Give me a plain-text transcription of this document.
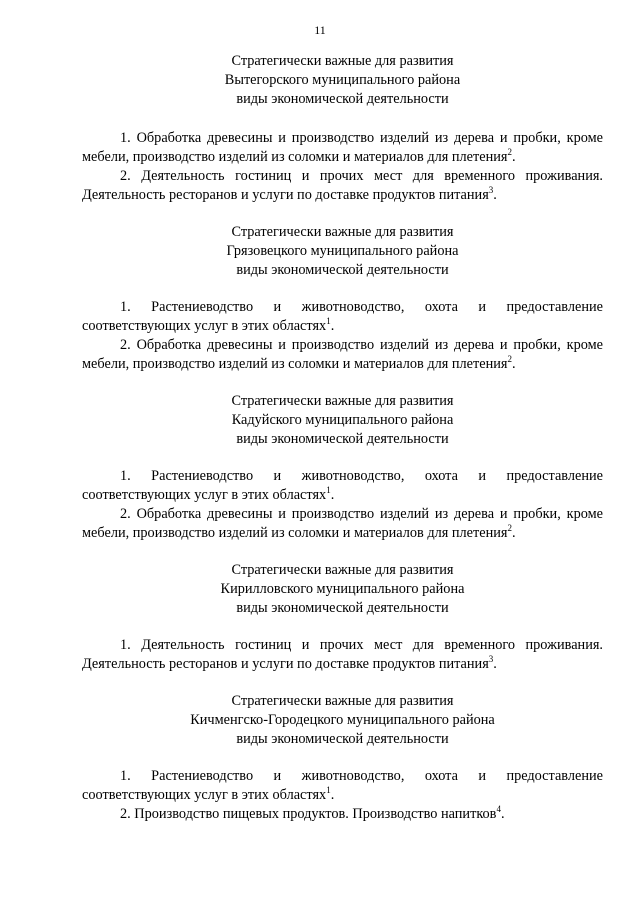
11
Стратегически важные для развития
Вытегорского муниципального района
виды экономической деятельности

1. Обработка древесины и производство изделий из дерева и пробки, кроме мебели, производство изделий из соломки и материалов для плетения$^2$.

2. Деятельность гостиниц и прочих мест для временного проживания. Деятельность ресторанов и услуги по доставке продуктов питания$^3$.

Стратегически важные для развития
Грязовецкого муниципального района
виды экономической деятельности

1. Растениеводство и животноводство, охота и предоставление соответствующих услуг в этих областях$^1$.

2. Обработка древесины и производство изделий из дерева и пробки, кроме мебели, производство изделий из соломки и материалов для плетения$^2$.

Стратегически важные для развития
Кадуйского муниципального района
виды экономической деятельности

1. Растениеводство и животноводство, охота и предоставление соответствующих услуг в этих областях$^1$.

2. Обработка древесины и производство изделий из дерева и пробки, кроме мебели, производство изделий из соломки и материалов для плетения$^2$.

Стратегически важные для развития
Кирилловского муниципального района
виды экономической деятельности

1. Деятельность гостиниц и прочих мест для временного проживания. Деятельность ресторанов и услуги по доставке продуктов питания$^3$.

Стратегически важные для развития
Кичменгско-Городецкого муниципального района
виды экономической деятельности

1. Растениеводство и животноводство, охота и предоставление соответствующих услуг в этих областях$^1$.

2. Производство пищевых продуктов. Производство напитков$^4$.
